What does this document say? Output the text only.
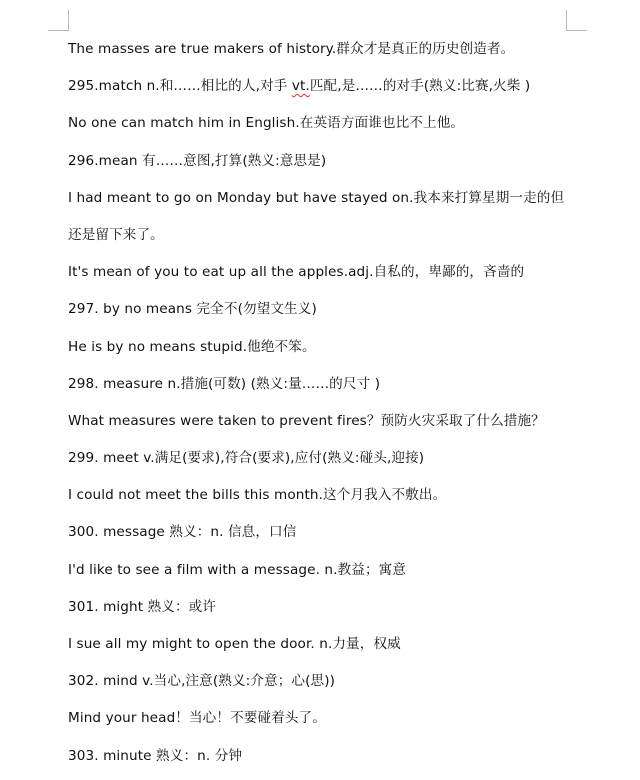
The masses are true makers of history.群众才是真正的历史创造者。
295.match n.和……相比的人,对手 vt.匹配,是……的对手(熟义:比赛,火柴 )
No one can match him in English.在英语方面谁也比不上他。
296.mean 有……意图,打算(熟义:意思是)
I had meant to go on Monday but have stayed on.我本来打算星期一走的但
还是留下来了。
It's mean of you to eat up all the apples.adj.自私的，卑鄙的，吝啬的
297. by no means 完全不(勿望文生义)
He is by no means stupid.他绝不笨。
298. measure n.措施(可数) (熟义:量……的尺寸 )
What measures were taken to prevent fires？预防火灾采取了什么措施？
299. meet v.满足(要求),符合(要求),应付(熟义:碰头,迎接)
I could not meet the bills this month.这个月我入不敷出。
300. message 熟义：n. 信息，口信
I'd like to see a film with a message. n.教益；寓意
301. might 熟义：或许
I sue all my might to open the door. n.力量，权威
302. mind v.当心,注意(熟义:介意；心(思))
Mind your head！当心！不要碰着头了。
303. minute 熟义：n. 分钟
